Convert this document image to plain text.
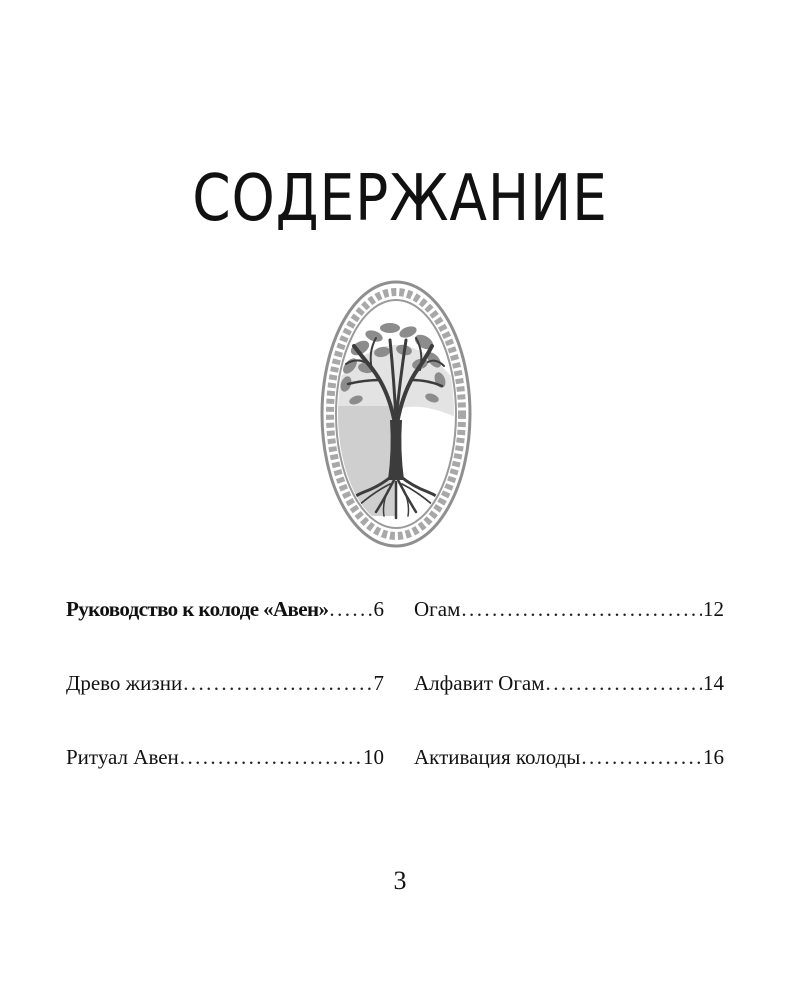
СОДЕРЖАНИЕ
Руководство к колоде «Авен» ..... 6
Древо жизни .....	7
Ритуал Авен .....	10
Огам .....	12
Алфавит Огам .....	14
Активация колоды .....	16
3
